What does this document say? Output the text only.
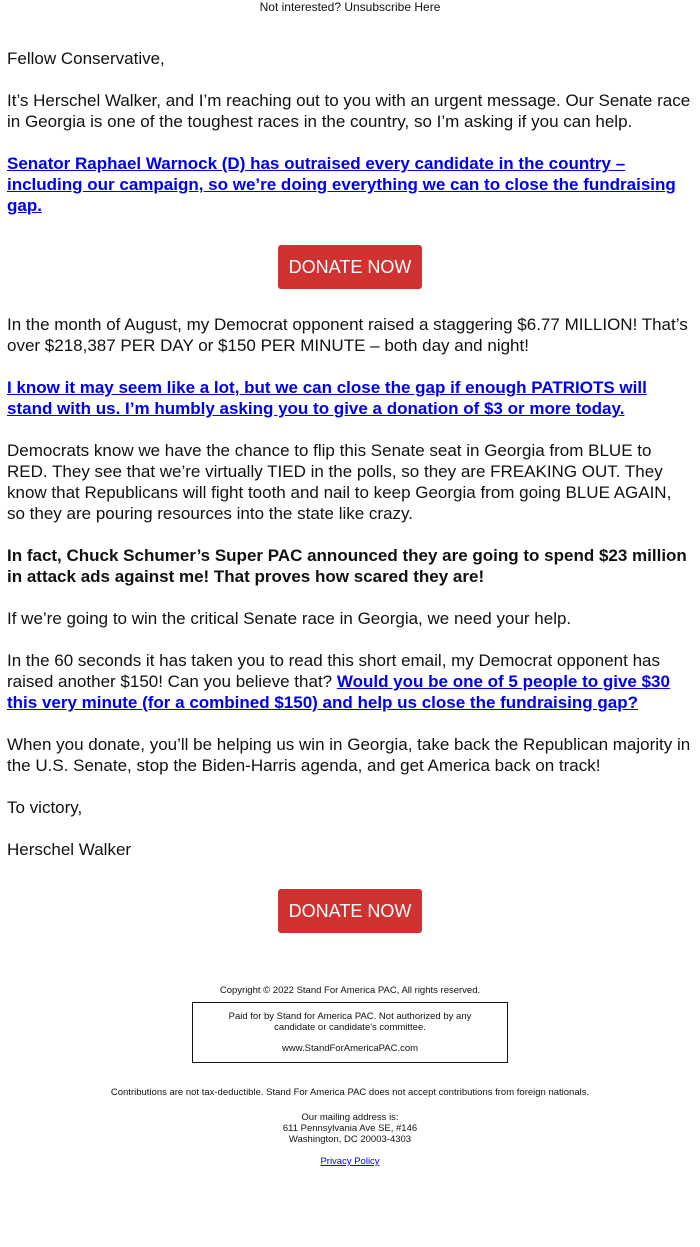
Not interested? Unsubscribe Here

Fellow Conservative,

It’s Herschel Walker, and I’m reaching out to you with an urgent message. Our Senate race in Georgia is one of the toughest races in the country, so I’m asking if you can help.

Senator Raphael Warnock (D) has outraised every candidate in the country – including our campaign, so we’re doing everything we can to close the fundraising gap.

DONATE NOW

In the month of August, my Democrat opponent raised a staggering $6.77 MILLION! That’s over $218,387 PER DAY or $150 PER MINUTE – both day and night!

I know it may seem like a lot, but we can close the gap if enough PATRIOTS will stand with us. I’m humbly asking you to give a donation of $3 or more today.

Democrats know we have the chance to flip this Senate seat in Georgia from BLUE to RED. They see that we’re virtually TIED in the polls, so they are FREAKING OUT. They know that Republicans will fight tooth and nail to keep Georgia from going BLUE AGAIN, so they are pouring resources into the state like crazy.

In fact, Chuck Schumer’s Super PAC announced they are going to spend $23 million in attack ads against me! That proves how scared they are!

If we’re going to win the critical Senate race in Georgia, we need your help.

In the 60 seconds it has taken you to read this short email, my Democrat opponent has raised another $150! Can you believe that? Would you be one of 5 people to give $30 this very minute (for a combined $150) and help us close the fundraising gap?

When you donate, you’ll be helping us win in Georgia, take back the Republican majority in the U.S. Senate, stop the Biden-Harris agenda, and get America back on track!

To victory,

Herschel Walker

DONATE NOW
Copyright © 2022 Stand For America PAC, All rights reserved.
Paid for by Stand for America PAC. Not authorized by any candidate or candidate's committee.
www.StandForAmericaPAC.com
Contributions are not tax-deductible. Stand For America PAC does not accept contributions from foreign nationals.
Our mailing address is:
611 Pennsylvania Ave SE, #146
Washington, DC 20003-4303
Privacy Policy
